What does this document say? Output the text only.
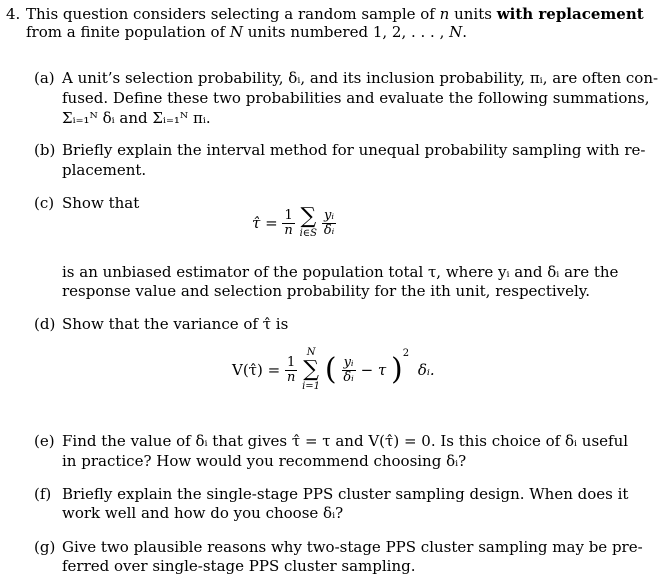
4. This question considers selecting a random sample of n units with replacement
from a finite population of N units numbered 1, 2, . . . , N.
(a) A unit’s selection probability, δᵢ, and its inclusion probability, πᵢ, are often con-
fused. Define these two probabilities and evaluate the following summations,
Σᵢ₌₁ᴺ δᵢ and Σᵢ₌₁ᴺ πᵢ.
(b) Briefly explain the interval method for unequal probability sampling with re-
placement.
(c) Show that
τ̂ = $\frac{1}{n}$
∑
i∈S
$\frac{\text{yᵢ}}{\text{δᵢ}}$
is an unbiased estimator of the population total τ, where yᵢ and δᵢ are the
response value and selection probability for the ith unit, respectively.
(d) Show that the variance of τ̂ is
V(τ̂) = $\frac{1}{n}$

N
∑
i=1 ( $\frac{\text{yᵢ}}{\text{δᵢ}} - \tau$ )$^2$ δᵢ.
(e) Find the value of δᵢ that gives τ̂ = τ and V(τ̂) = 0. Is this choice of δᵢ useful
in practice? How would you recommend choosing δᵢ?
(f) Briefly explain the single-stage PPS cluster sampling design. When does it
work well and how do you choose δᵢ?
(g) Give two plausible reasons why two-stage PPS cluster sampling may be pre-
ferred over single-stage PPS cluster sampling.
